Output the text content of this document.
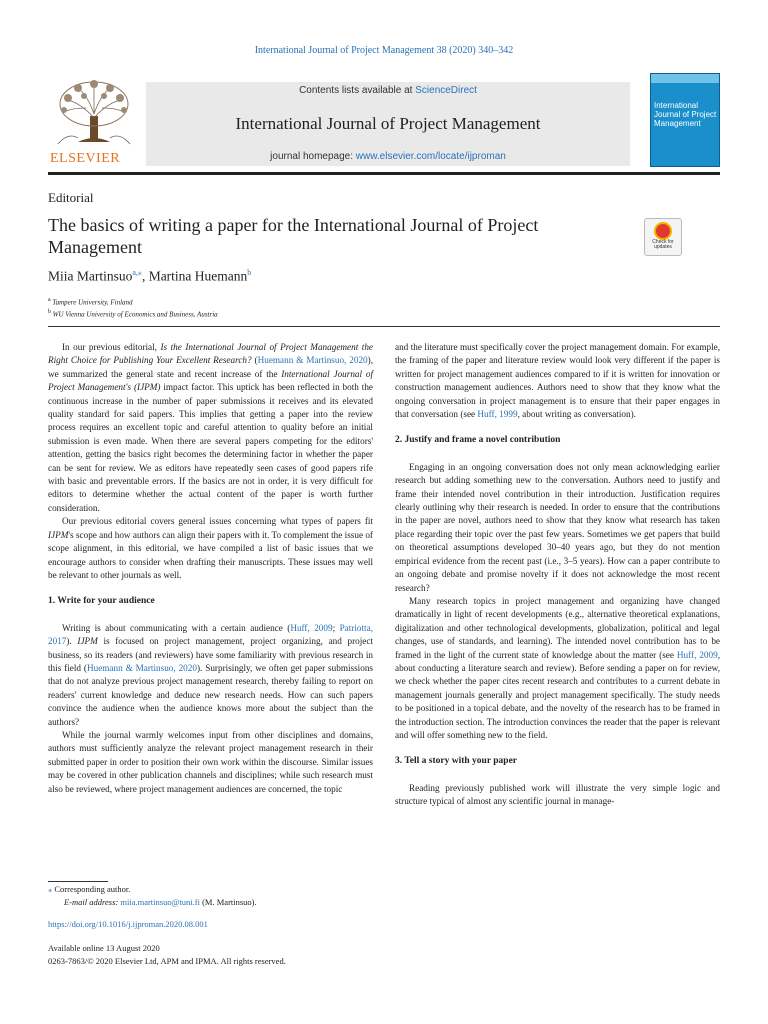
International Journal of Project Management 38 (2020) 340–342
ELSEVIER
Contents lists available at ScienceDirect
International Journal of Project Management
journal homepage: www.elsevier.com/locate/ijproman
International Journal of Project Management
Editorial
The basics of writing a paper for the International Journal of Project Management	Check for updates
Miia Martinsuo$^{a,⁎}$, Martina Huemann$^b$
$^a$ Tampere University, Finland
$^b$ WU Vienna University of Economics and Business, Austria

In our previous editorial, Is the International Journal of Project Management the Right Choice for Publishing Your Excellent Research? (Huemann & Martinsuo, 2020), we summarized the general state and recent increase of the International Journal of Project Management's (IJPM) impact factor. This uptick has been reflected in both the continuous increase in the number of paper submissions it receives and its elevated quality standard for said papers. This implies that getting a paper into the review process requires an excellent topic and careful attention to quality before an initial submission is even made. When there are several papers competing for the editors' attention, getting the basics right becomes the determining factor in whether the paper can be sent for review. We as editors have repeatedly seen cases of good papers rife with basic and preventable errors. If the basics are not in order, it is very difficult for editors to determine whether the actual content of the paper is worth further consideration.

Our previous editorial covers general issues concerning what types of papers fit IJPM's scope and how authors can align their papers with it. To complement the issue of scope alignment, in this editorial, we have compiled a list of basic issues that we encourage authors to consider when drafting their manuscripts. These issues may well be relevant to other journals as well.

1. Write for your audience

Writing is about communicating with a certain audience (Huff, 2009; Patriotta, 2017). IJPM is focused on project management, project organizing, and project business, so its readers (and reviewers) have some familiarity with previous research in this field (Huemann & Martinsuo, 2020). Surprisingly, we often get paper submissions that do not analyze previous project management research, thereby failing to report on readers' current knowledge and deduce new research needs. How can such papers convince the audience when the audience knows more about the subject than the authors?

While the journal warmly welcomes input from other disciplines and domains, authors must sufficiently analyze the relevant project management research in their submitted paper in order to position their own work within the discourse. Similar issues may be covered in other publication channels and disciplines; while such research must also be reviewed, where project management audiences are concerned, the topic

and the literature must specifically cover the project management domain. For example, the framing of the paper and literature review would look very different if the paper is written for project management audiences compared to if it is written for innovation or construction management audiences. Authors need to show that they know what the ongoing conversation in project management is to ensure that their paper engages in that conversation (see Huff, 1999, about writing as conversation).

2. Justify and frame a novel contribution

Engaging in an ongoing conversation does not only mean acknowledging earlier research but adding something new to the conversation. Authors need to justify and frame their intended novel contribution in their introduction. Justification requires clearly outlining why their research is needed. In order to ensure that the contributions in the paper are novel, authors need to show that they know what research has taken place regarding their topic over the past few years. Sometimes we get papers that build on theoretical assumptions developed 30–40 years ago, but they do not mention empirical evidence from the recent past (i.e., 3–5 years). How can a paper contribute to an ongoing debate and promise novelty if it does not acknowledge the most recent research?

Many research topics in project management and organizing have changed dramatically in light of recent developments (e.g., alternative theoretical explanations, digitalization and other technological developments, globalization, political and legal changes, use of standards, and learning). The intended novel contribution has to be framed in the light of the current state of knowledge about the matter (see Huff, 2009, about conducting a literature search and review). Before sending a paper on for review, we check whether the paper cites recent research and contributes to a current debate in management journals generally and project management specifically. The study needs to be positioned in a topical debate, and the novelty of the research has to be framed in the introduction section. The introduction convinces the reader that the paper is relevant and will offer something new to the field.

3. Tell a story with your paper

Reading previously published work will illustrate the very simple logic and structure typical of almost any scientific journal in manage-

⁎ Corresponding author.
E-mail address: miia.martinsuo@tuni.fi (M. Martinsuo).
https://doi.org/10.1016/j.ijproman.2020.08.001
Available online 13 August 2020
0263-7863/© 2020 Elsevier Ltd, APM and IPMA. All rights reserved.
